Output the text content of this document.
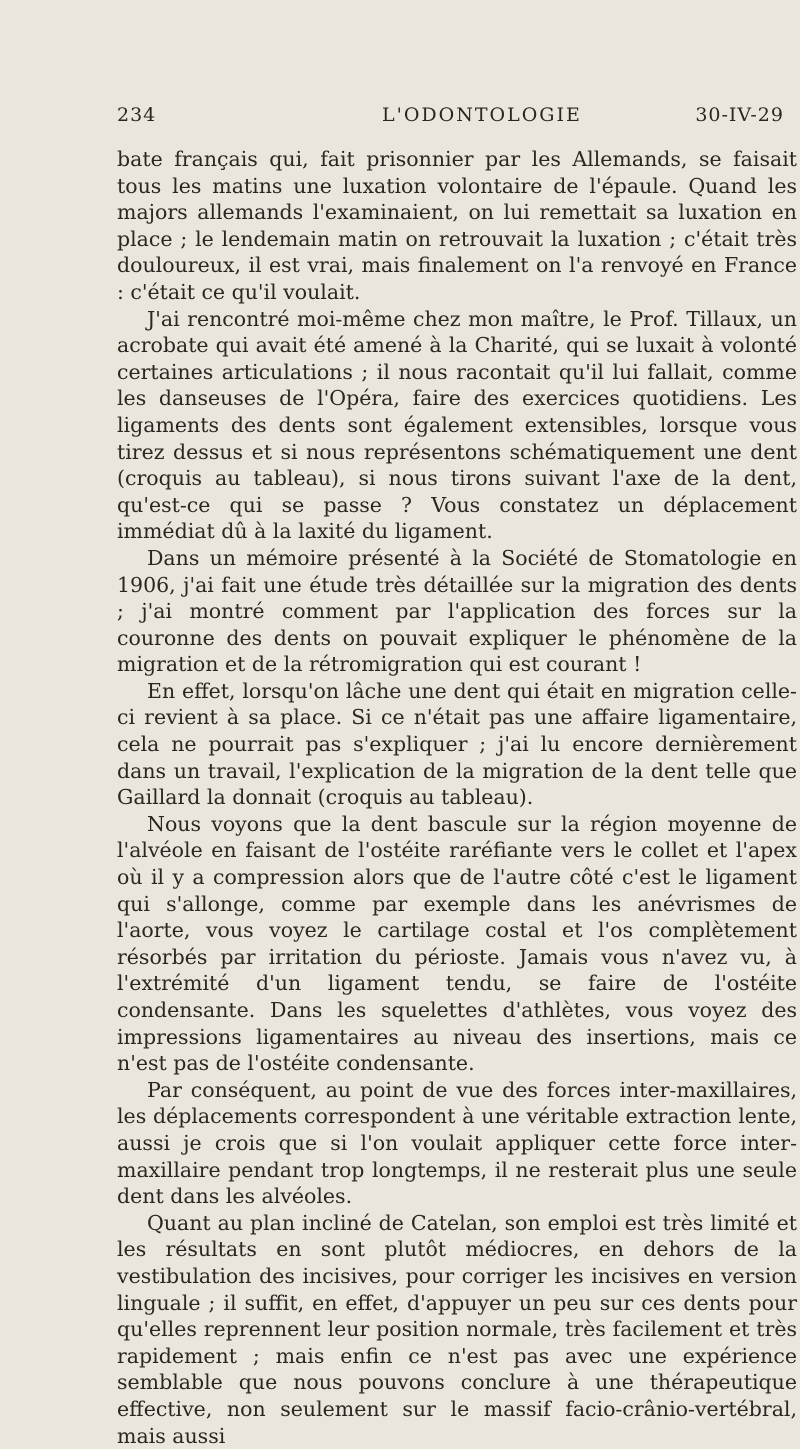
234	L'ODONTOLOGIE	30-IV-29

bate français qui, fait prisonnier par les Allemands, se faisait tous les matins une luxation volontaire de l'épaule. Quand les majors allemands l'examinaient, on lui remettait sa luxation en place ; le lendemain matin on retrouvait la luxation ; c'était très douloureux, il est vrai, mais finalement on l'a renvoyé en France : c'était ce qu'il voulait.

J'ai rencontré moi-même chez mon maître, le Prof. Tillaux, un acrobate qui avait été amené à la Charité, qui se luxait à volonté certaines articulations ; il nous racontait qu'il lui fallait, comme les danseuses de l'Opéra, faire des exercices quotidiens. Les ligaments des dents sont également extensibles, lorsque vous tirez dessus et si nous représentons schématiquement une dent (croquis au tableau), si nous tirons suivant l'axe de la dent, qu'est-ce qui se passe ? Vous constatez un déplacement immédiat dû à la laxité du ligament.

Dans un mémoire présenté à la Société de Stomatologie en 1906, j'ai fait une étude très détaillée sur la migration des dents ; j'ai montré comment par l'application des forces sur la couronne des dents on pouvait expliquer le phénomène de la migration et de la rétromigration qui est courant !

En effet, lorsqu'on lâche une dent qui était en migration celle-ci revient à sa place. Si ce n'était pas une affaire ligamentaire, cela ne pourrait pas s'expliquer ; j'ai lu encore dernièrement dans un travail, l'explication de la migration de la dent telle que Gaillard la donnait (croquis au tableau).

Nous voyons que la dent bascule sur la région moyenne de l'alvéole en faisant de l'ostéite raréfiante vers le collet et l'apex où il y a compression alors que de l'autre côté c'est le ligament qui s'allonge, comme par exemple dans les anévrismes de l'aorte, vous voyez le cartilage costal et l'os complètement résorbés par irritation du périoste. Jamais vous n'avez vu, à l'extrémité d'un ligament tendu, se faire de l'ostéite condensante. Dans les squelettes d'athlètes, vous voyez des impressions ligamentaires au niveau des insertions, mais ce n'est pas de l'ostéite condensante.

Par conséquent, au point de vue des forces inter-maxillaires, les déplacements correspondent à une véritable extraction lente, aussi je crois que si l'on voulait appliquer cette force inter-maxillaire pendant trop longtemps, il ne resterait plus une seule dent dans les alvéoles.

Quant au plan incliné de Catelan, son emploi est très limité et les résultats en sont plutôt médiocres, en dehors de la vestibulation des incisives, pour corriger les incisives en version linguale ; il suffit, en effet, d'appuyer un peu sur ces dents pour qu'elles reprennent leur position normale, très facilement et très rapidement ; mais enfin ce n'est pas avec une expérience semblable que nous pouvons conclure à une thérapeutique effective, non seulement sur le massif facio-crânio-vertébral, mais aussi
